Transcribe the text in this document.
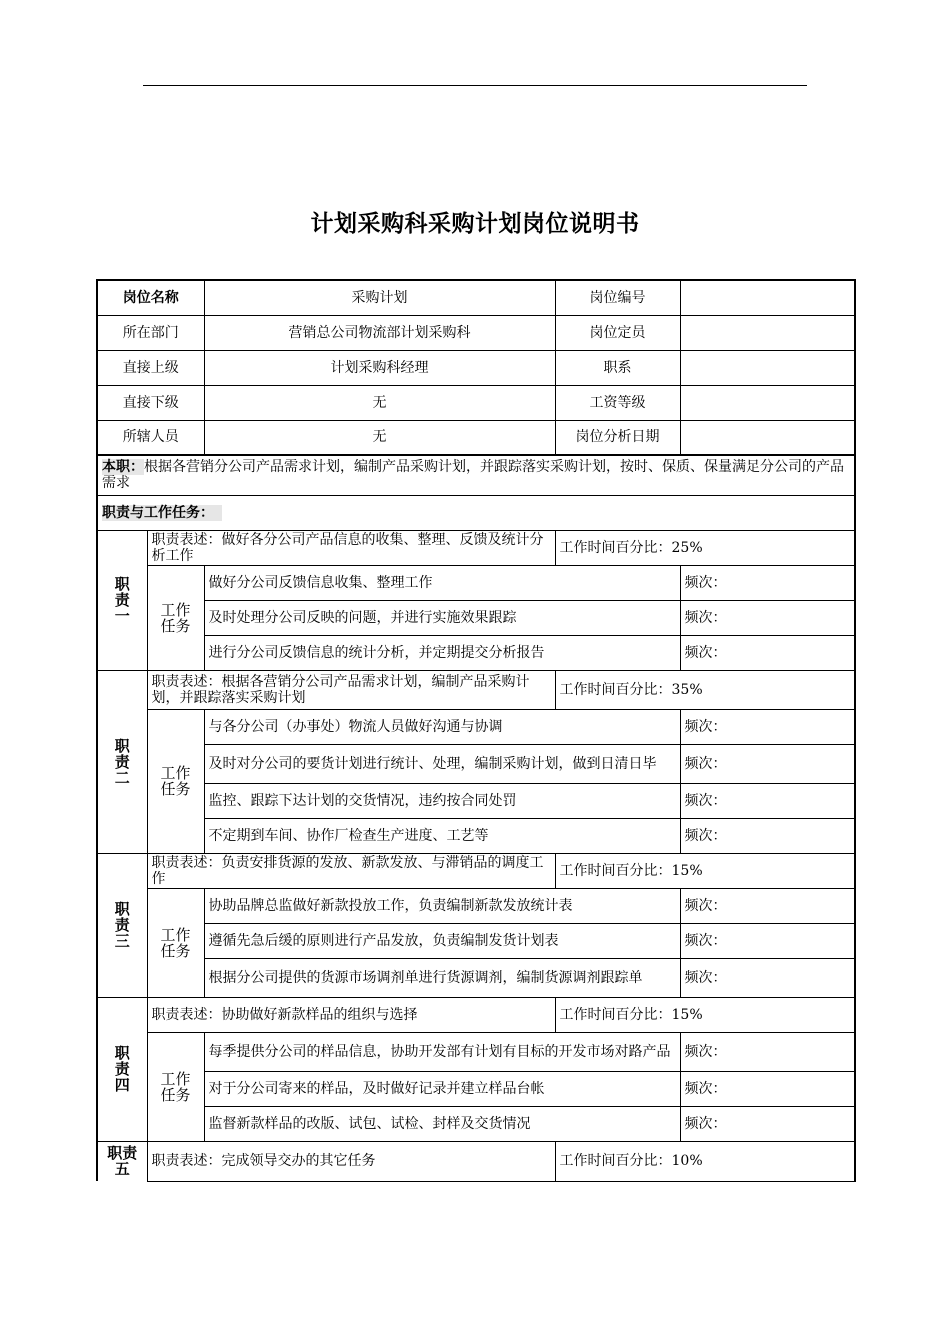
计划采购科采购计划岗位说明书
岗位名称		采购计划	岗位编号	
所在部门		营销总公司物流部计划采购科	岗位定员	
直接上级		计划采购科经理	职系	
直接下级		无	工资等级	
所辖人员		无	岗位分析日期	
本职：根据各营销分公司产品需求计划，编制产品采购计划，并跟踪落实采购计划，按时、保质、保量满足分公司的产品需求				
职责与工作任务：				

职责一	职责表述：做好各分公司产品信息的收集、整理、反馈及统计分析工作		工作时间百分比：25%	

	工作任务	做好分公司反馈信息收集、整理工作		频次：
		及时处理分公司反映的问题，并进行实施效果跟踪		频次：
		进行分公司反馈信息的统计分析，并定期提交分析报告		频次：

职责二	职责表述：根据各营销分公司产品需求计划，编制产品采购计划，并跟踪落实采购计划		工作时间百分比：35%	

	工作任务	与各分公司（办事处）物流人员做好沟通与协调		频次：
		及时对分公司的要货计划进行统计、处理，编制采购计划，做到日清日毕		频次：
		监控、跟踪下达计划的交货情况，违约按合同处罚		频次：
		不定期到车间、协作厂检查生产进度、工艺等		频次：

职责三	职责表述：负责安排货源的发放、新款发放、与滞销品的调度工作		工作时间百分比：15%	

	工作任务	协助品牌总监做好新款投放工作，负责编制新款发放统计表		频次：
		遵循先急后缓的原则进行产品发放，负责编制发货计划表		频次：
		根据分公司提供的货源市场调剂单进行货源调剂，编制货源调剂跟踪单		频次：

职责四	职责表述：协助做好新款样品的组织与选择		工作时间百分比：15%	

	工作任务	每季提供分公司的样品信息，协助开发部有计划有目标的开发市场对路产品		频次：
		对于分公司寄来的样品，及时做好记录并建立样品台帐		频次：
		监督新款样品的改版、试包、试检、封样及交货情况		频次：

职责五	职责表述：完成领导交办的其它任务		工作时间百分比：10%	
